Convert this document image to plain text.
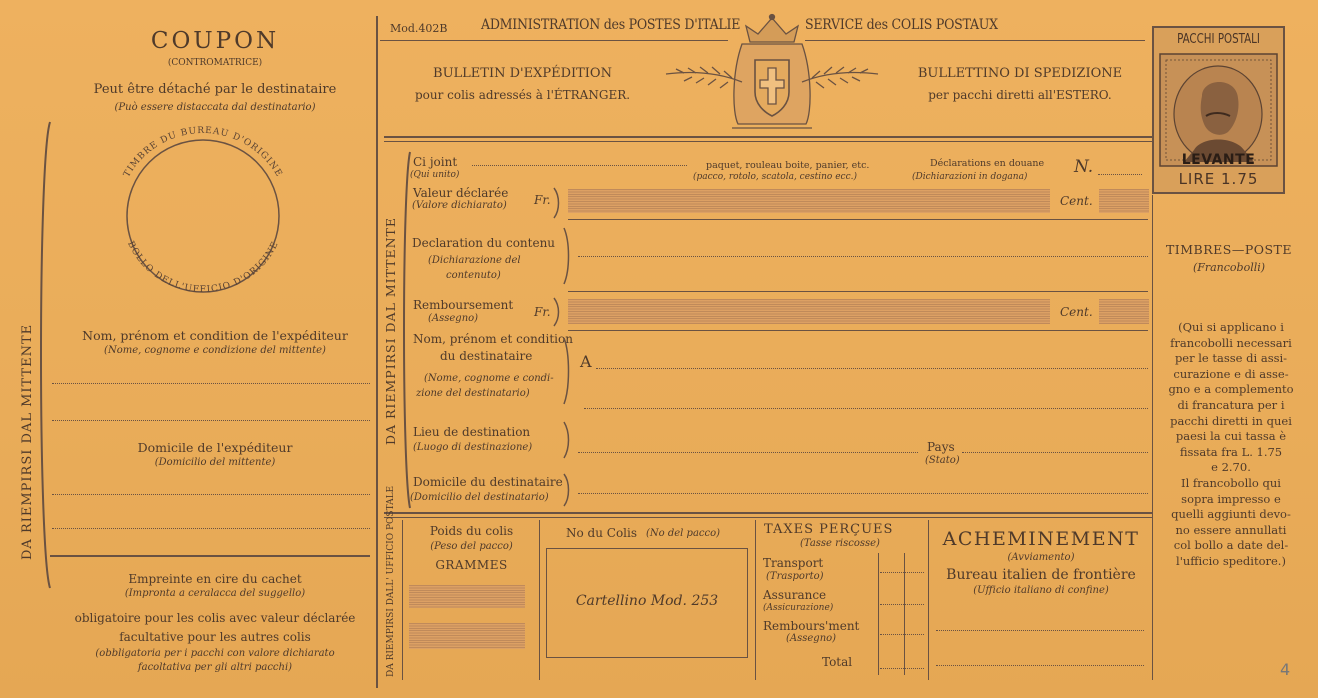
COUPON
(CONTROMATRICE)
Peut être détaché par le destinataire
(Può essere distaccata dal destinatario)
TIMBRE DU BUREAU D'ORIGINE
BOLLO DELL'UFFICIO D'ORIGINE
Nom, prénom et condition de l'expéditeur
(Nome, cognome e condizione del mittente)
Domicile de l'expéditeur
(Domicilio del mittente)
Empreinte en cire du cachet
(Impronta a ceralacca del suggello)
obligatoire pour les colis avec valeur déclarée
facultative pour les autres colis
(obbligatoria per i pacchi con valore dichiarato
facoltativa per gli altri pacchi)
DA RIEMPIRSI DAL MITTENTE
Mod.402B ADMINISTRATION des POSTES D'ITALIE	SERVICE des COLIS POSTAUX
BULLETIN D'EXPÉDITION
pour colis adressés à l'ÉTRANGER.
BULLETTINO DI SPEDIZIONE
per pacchi diretti all'ESTERO.
PACCHI POSTALI
LEVANTE
LIRE 1.75
DA RIEMPIRSI DAL MITTENTE
Ci joint
(Qui unito)
paquet, rouleau boite, panier, etc.
(pacco, rotolo, scatola, cestino ecc.)
Déclarations en douane
(Dichiarazioni in dogana)	N.
Valeur déclarée
(Valore dichiarato) Fr.	Cent.
Declaration du contenu
(Dichiarazione del
contenuto)
Remboursement
(Assegno)	Fr.	Cent.
Nom, prénom et condition
du destinataire
(Nome, cognome e condi-
zione del destinatario)
A
Lieu de destination
(Luogo di destinazione)	Pays
(Stato)
Domicile du destinataire
(Domicilio del destinatario)
DA RIEMPIRSI DALL' UFFICIO POSTALE	Poids du colis
(Peso del pacco)
GRAMMES
No du Colis (No del pacco)
Cartellino Mod. 253
TAXES PERÇUES
(Tasse riscosse)
Transport
(Trasporto)
Assurance
(Assicurazione)
Rembours'ment
(Assegno)
Total
ACHEMINEMENT
(Avviamento)
Bureau italien de frontière
(Ufficio italiano di confine)
TIMBRES—POSTE
(Francobolli)
(Qui si applicano i
francobolli necessari
per le tasse di assi-
curazione e di asse-
gno e a complemento
di francatura per i
pacchi diretti in quei
paesi la cui tassa è
fissata fra L. 1.75
e 2.70.
Il francobollo qui
sopra impresso e
quelli aggiunti devo-
no essere annullati
col bollo a date del-
l'ufficio speditore.)
4
